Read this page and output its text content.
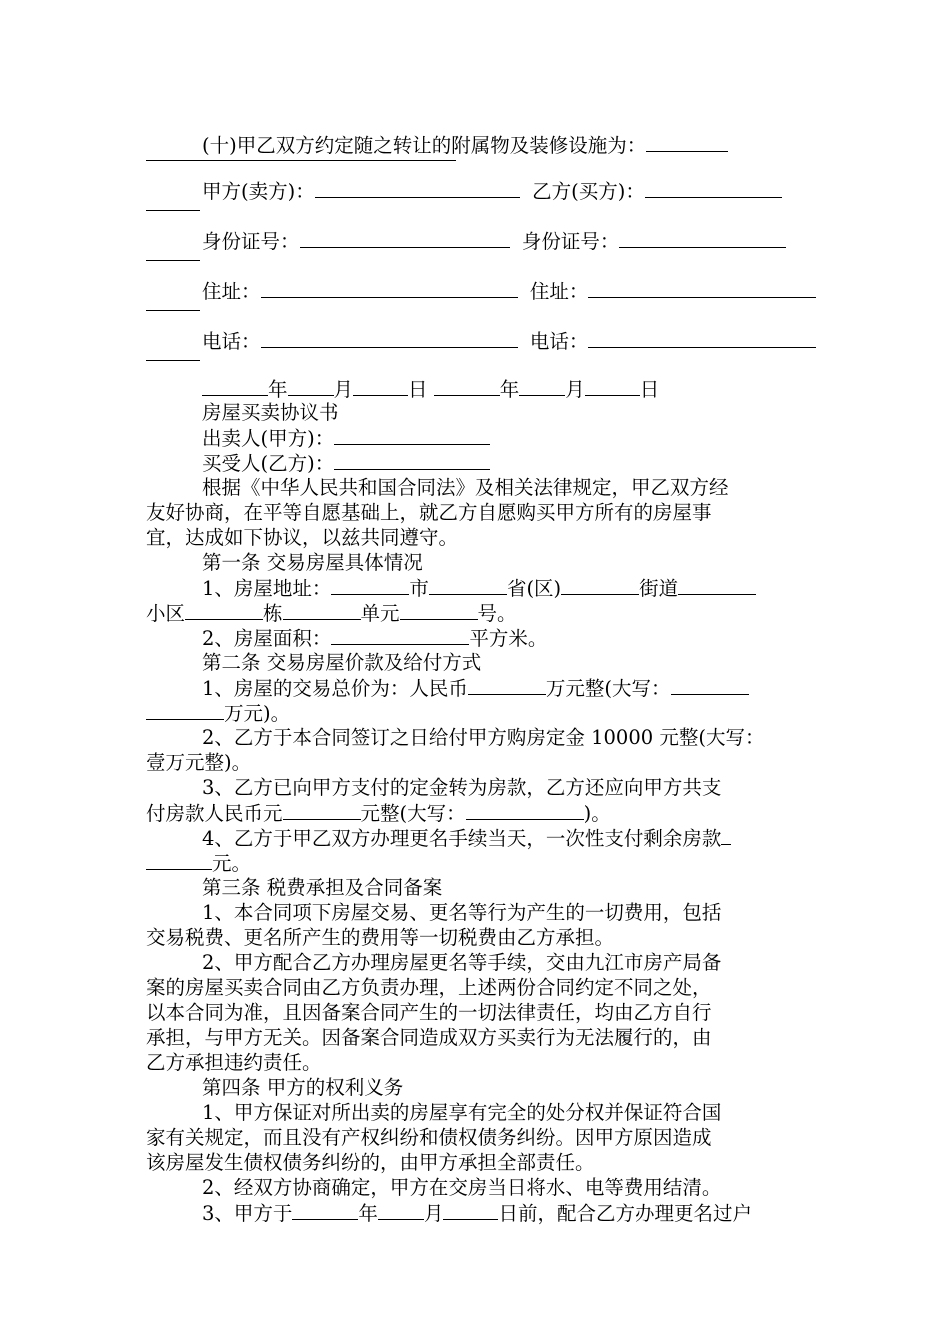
(十)甲乙双方约定随之转让的附属物及装修设施为：
甲方(卖方)：	乙方(买方)：
身份证号：	身份证号：
住址：	住址：
电话：	电话：
年 月	日	年 月	日
房屋买卖协议书
出卖人(甲方)：
买受人(乙方)：
根据《中华人民共和国合同法》及相关法律规定，甲乙双方经
友好协商，在平等自愿基础上，就乙方自愿购买甲方所有的房屋事
宜，达成如下协议，以兹共同遵守。
第一条 交易房屋具体情况
1、房屋地址：	市	省(区)	街道
小区	栋	单元	号。
2、房屋面积：	平方米。
第二条 交易房屋价款及给付方式
1、房屋的交易总价为：人民币	万元整(大写：
万元)。
2、乙方于本合同签订之日给付甲方购房定金 10000 元整(大写：
壹万元整)。
3、乙方已向甲方支付的定金转为房款，乙方还应向甲方共支
付房款人民币元	元整(大写：	)。
4、乙方于甲乙双方办理更名手续当天，一次性支付剩余房款
元。
第三条 税费承担及合同备案
1、本合同项下房屋交易、更名等行为产生的一切费用，包括
交易税费、更名所产生的费用等一切税费由乙方承担。
2、甲方配合乙方办理房屋更名等手续，交由九江市房产局备
案的房屋买卖合同由乙方负责办理，上述两份合同约定不同之处，
以本合同为准，且因备案合同产生的一切法律责任，均由乙方自行
承担，与甲方无关。因备案合同造成双方买卖行为无法履行的，由
乙方承担违约责任。
第四条 甲方的权利义务
1、甲方保证对所出卖的房屋享有完全的处分权并保证符合国
家有关规定，而且没有产权纠纷和债权债务纠纷。因甲方原因造成
该房屋发生债权债务纠纷的，由甲方承担全部责任。
2、经双方协商确定，甲方在交房当日将水、电等费用结清。
3、甲方于	年 月	日前，配合乙方办理更名过户
